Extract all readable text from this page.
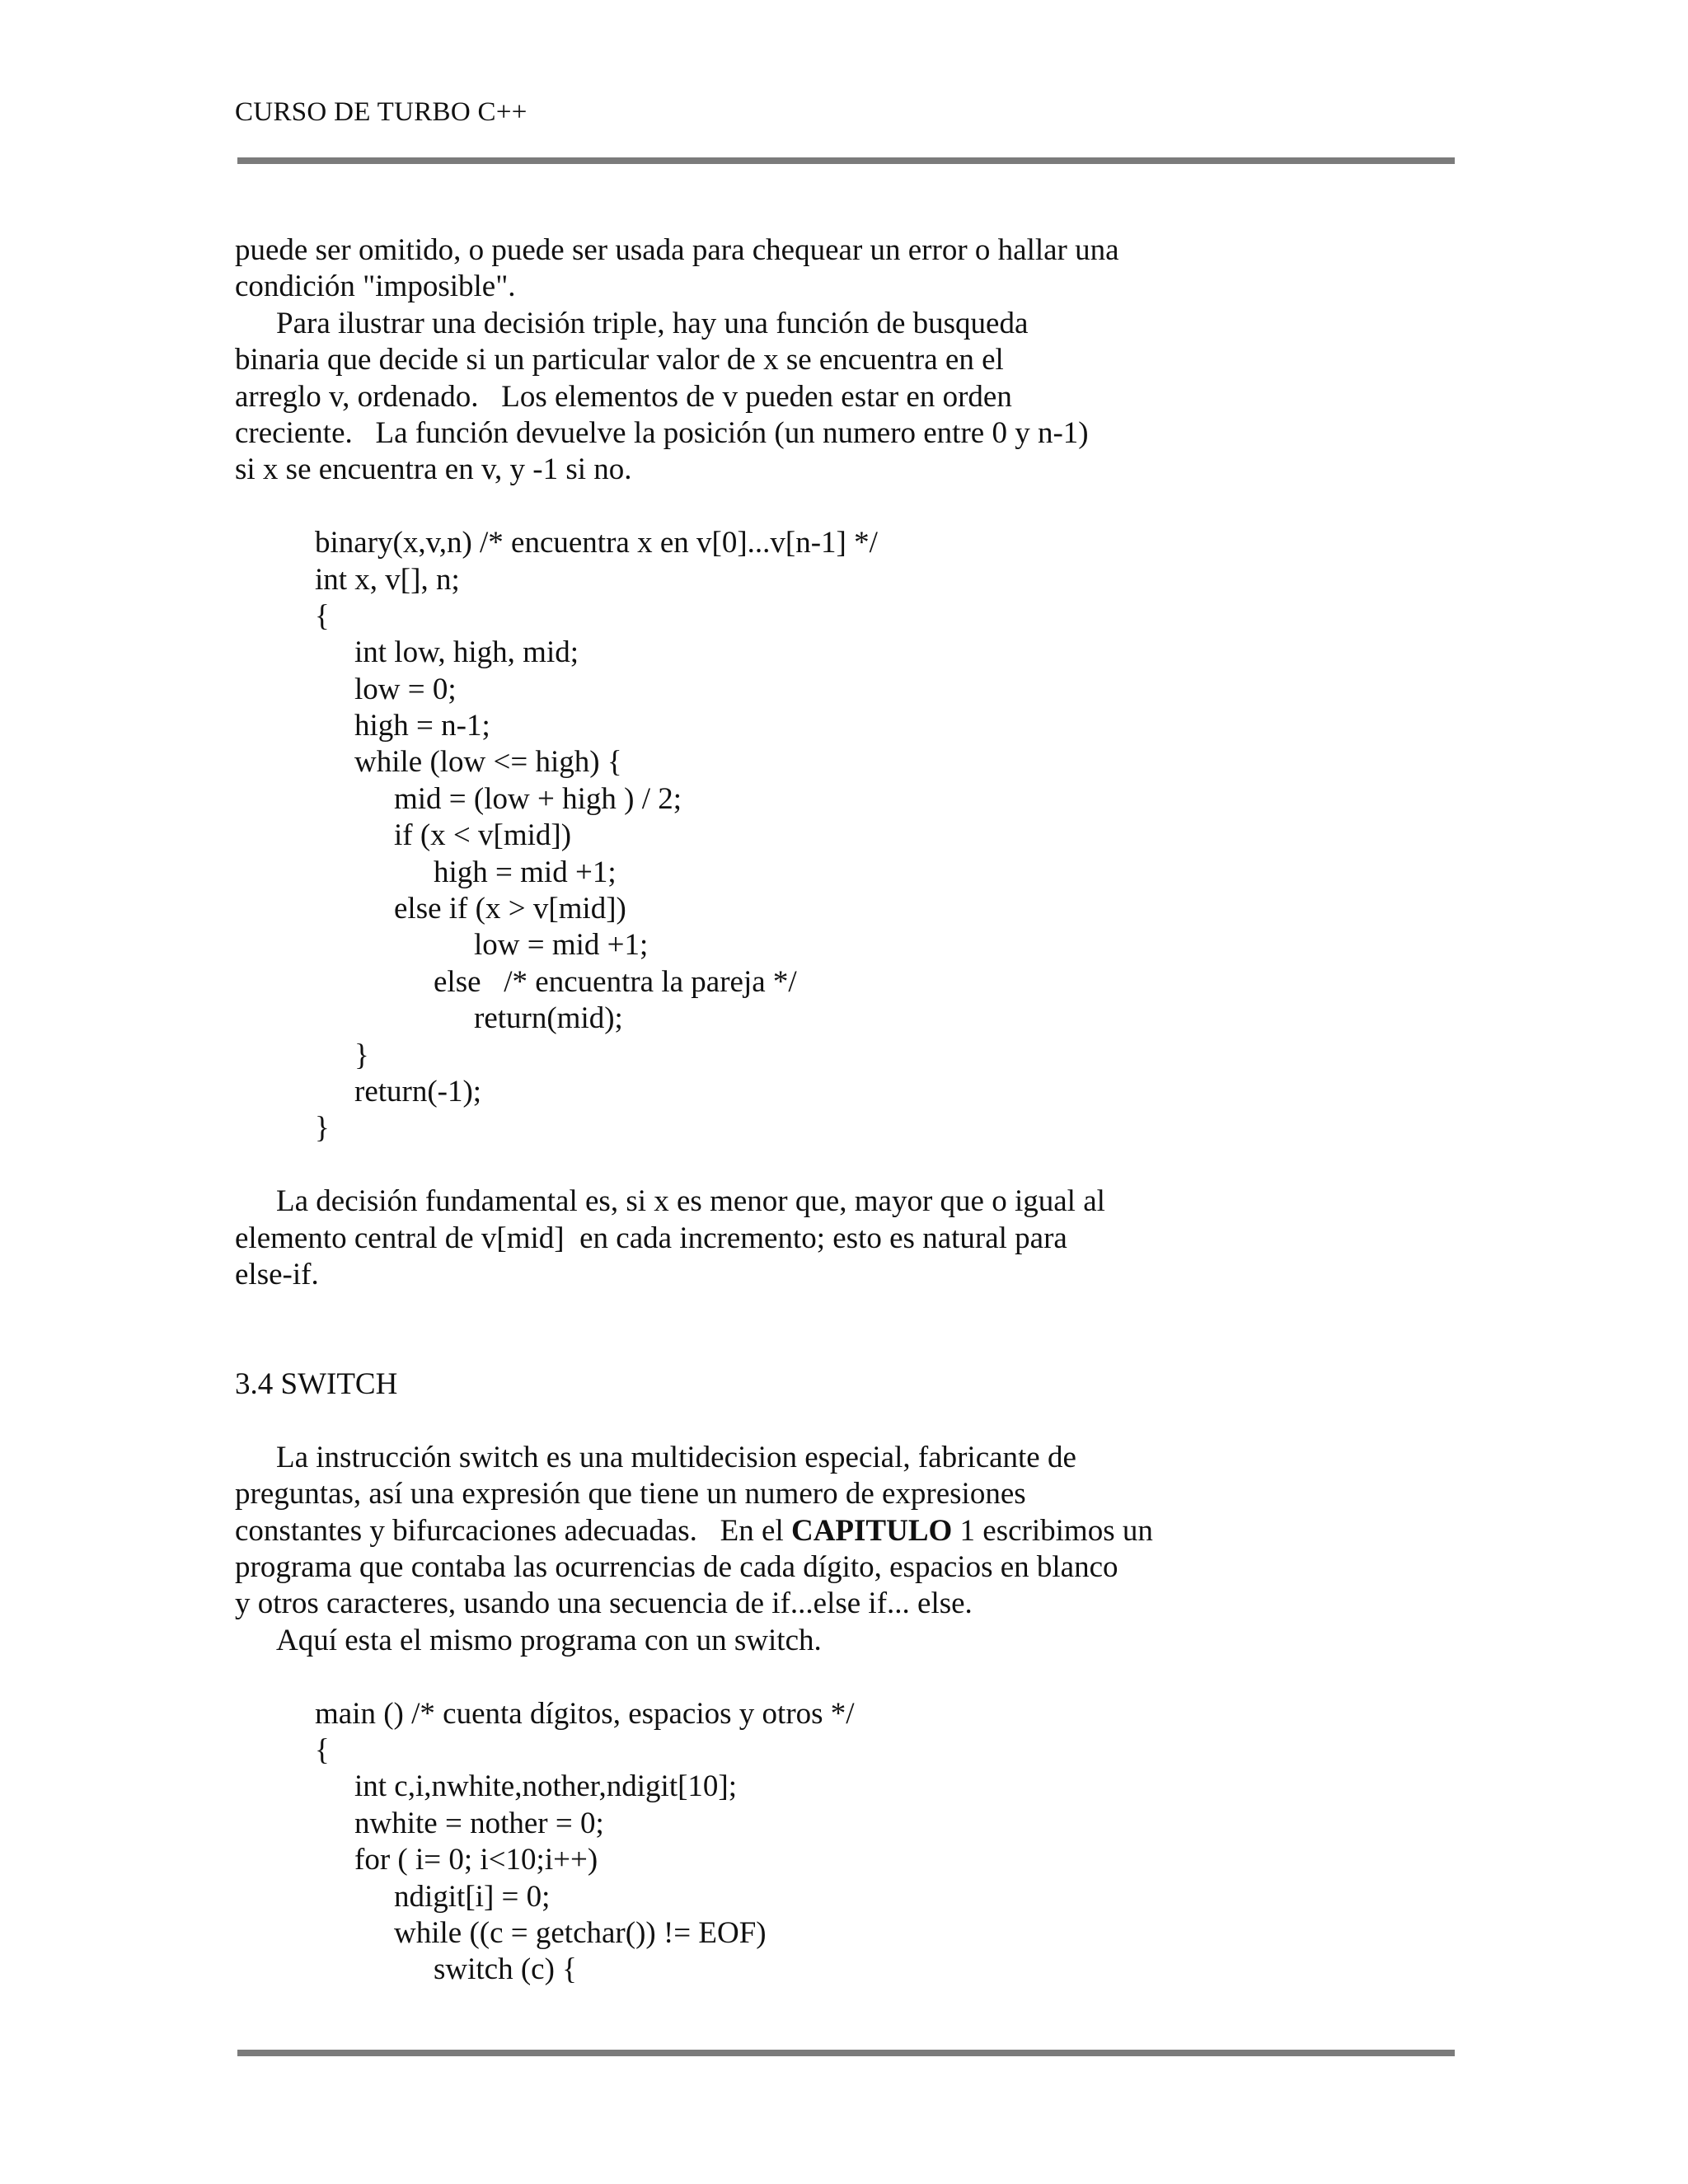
CURSO DE TURBO C++
puede ser omitido, o puede ser usada para chequear un error o hallar una
condición "imposible".
Para ilustrar una decisión triple, hay una función de busqueda
binaria que decide si un particular valor de x se encuentra en el
arreglo v, ordenado.   Los elementos de v pueden estar en orden
creciente.   La función devuelve la posición (un numero entre 0 y n-1)
si x se encuentra en v, y -1 si no.
binary(x,v,n) /* encuentra x en v[0]...v[n-1] */
int x, v[], n;
{
int low, high, mid;
low = 0;
high = n-1;
while (low <= high) {
mid = (low + high ) / 2;
if (x < v[mid])
high = mid +1;
else if (x > v[mid])
low = mid +1;
else   /* encuentra la pareja */
return(mid);
}
return(-1);
}
La decisión fundamental es, si x es menor que, mayor que o igual al
elemento central de v[mid]  en cada incremento; esto es natural para
else-if.
3.4 SWITCH
La instrucción switch es una multidecision especial, fabricante de
preguntas, así una expresión que tiene un numero de expresiones
constantes y bifurcaciones adecuadas.   En el CAPITULO 1 escribimos un
programa que contaba las ocurrencias de cada dígito, espacios en blanco
y otros caracteres, usando una secuencia de if...else if... else.
Aquí esta el mismo programa con un switch.
main () /* cuenta dígitos, espacios y otros */
{
int c,i,nwhite,nother,ndigit[10];
nwhite = nother = 0;
for ( i= 0; i<10;i++)
ndigit[i] = 0;
while ((c = getchar()) != EOF)
switch (c) {
